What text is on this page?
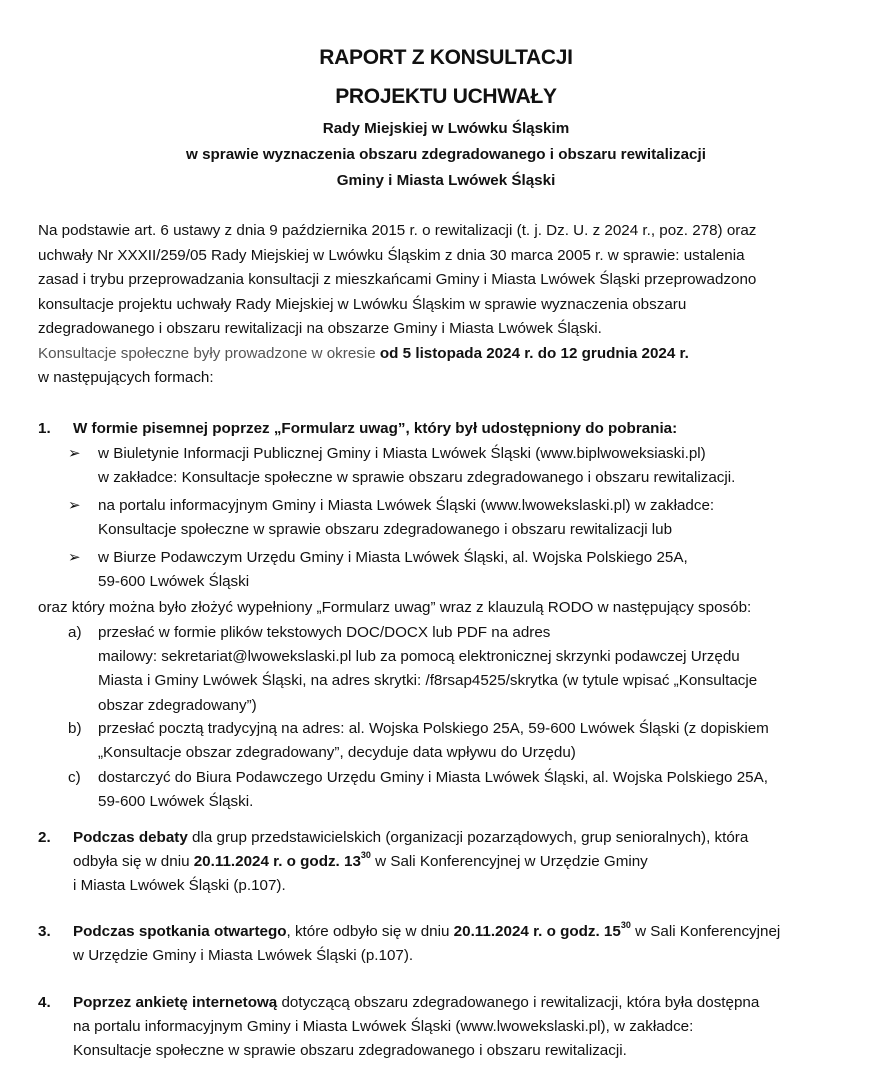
RAPORT Z KONSULTACJI
PROJEKTU UCHWAŁY
Rady Miejskiej w Lwówku Śląskim
w sprawie wyznaczenia obszaru zdegradowanego i obszaru rewitalizacji
Gminy i Miasta Lwówek Śląski
Na podstawie art. 6 ustawy z dnia 9 października 2015 r. o rewitalizacji (t. j. Dz. U. z 2024 r., poz. 278) oraz
uchwały Nr XXXII/259/05 Rady Miejskiej w Lwówku Śląskim z dnia 30 marca 2005 r. w sprawie: ustalenia
zasad i trybu przeprowadzania konsultacji z mieszkańcami Gminy i Miasta Lwówek Śląski przeprowadzono
konsultacje projektu uchwały Rady Miejskiej w Lwówku Śląskim w sprawie wyznaczenia obszaru
zdegradowanego i obszaru rewitalizacji na obszarze Gminy i Miasta Lwówek Śląski.
Konsultacje społeczne były prowadzone w okresie od 5 listopada 2024 r. do 12 grudnia 2024 r.
w następujących formach:
1. W formie pisemnej poprzez „Formularz uwag”, który był udostępniony do pobrania:
➢ w Biuletynie Informacji Publicznej Gminy i Miasta Lwówek Śląski (www.biplwoweksiaski.pl)
w zakładce: Konsultacje społeczne w sprawie obszaru zdegradowanego i obszaru rewitalizacji.
➢ na portalu informacyjnym Gminy i Miasta Lwówek Śląski (www.lwowekslaski.pl) w zakładce:
Konsultacje społeczne w sprawie obszaru zdegradowanego i obszaru rewitalizacji lub
➢ w Biurze Podawczym Urzędu Gminy i Miasta Lwówek Śląski, al. Wojska Polskiego 25A,
59-600 Lwówek Śląski
oraz który można było złożyć wypełniony „Formularz uwag” wraz z klauzulą RODO w następujący sposób:
a) przesłać w formie plików tekstowych DOC/DOCX lub PDF na adres
mailowy: sekretariat@lwowekslaski.pl lub za pomocą elektronicznej skrzynki podawczej Urzędu
Miasta i Gminy Lwówek Śląski, na adres skrytki: /f8rsap4525/skrytka (w tytule wpisać „Konsultacje
obszar zdegradowany”)
b) przesłać pocztą tradycyjną na adres: al. Wojska Polskiego 25A, 59-600 Lwówek Śląski (z dopiskiem
„Konsultacje obszar zdegradowany”, decyduje data wpływu do Urzędu)
c) dostarczyć do Biura Podawczego Urzędu Gminy i Miasta Lwówek Śląski, al. Wojska Polskiego 25A,
59-600 Lwówek Śląski.
2. Podczas debaty dla grup przedstawicielskich (organizacji pozarządowych, grup senioralnych), która
odbyła się w dniu 20.11.2024 r. o godz. $13^{30}$ w Sali Konferencyjnej w Urzędzie Gminy
i Miasta Lwówek Śląski (p.107).
3. Podczas spotkania otwartego, które odbyło się w dniu 20.11.2024 r. o godz. $15^{30}$ w Sali Konferencyjnej
w Urzędzie Gminy i Miasta Lwówek Śląski (p.107).
4. Poprzez ankietę internetową dotyczącą obszaru zdegradowanego i rewitalizacji, która była dostępna
na portalu informacyjnym Gminy i Miasta Lwówek Śląski (www.lwowekslaski.pl), w zakładce:
Konsultacje społeczne w sprawie obszaru zdegradowanego i obszaru rewitalizacji.
